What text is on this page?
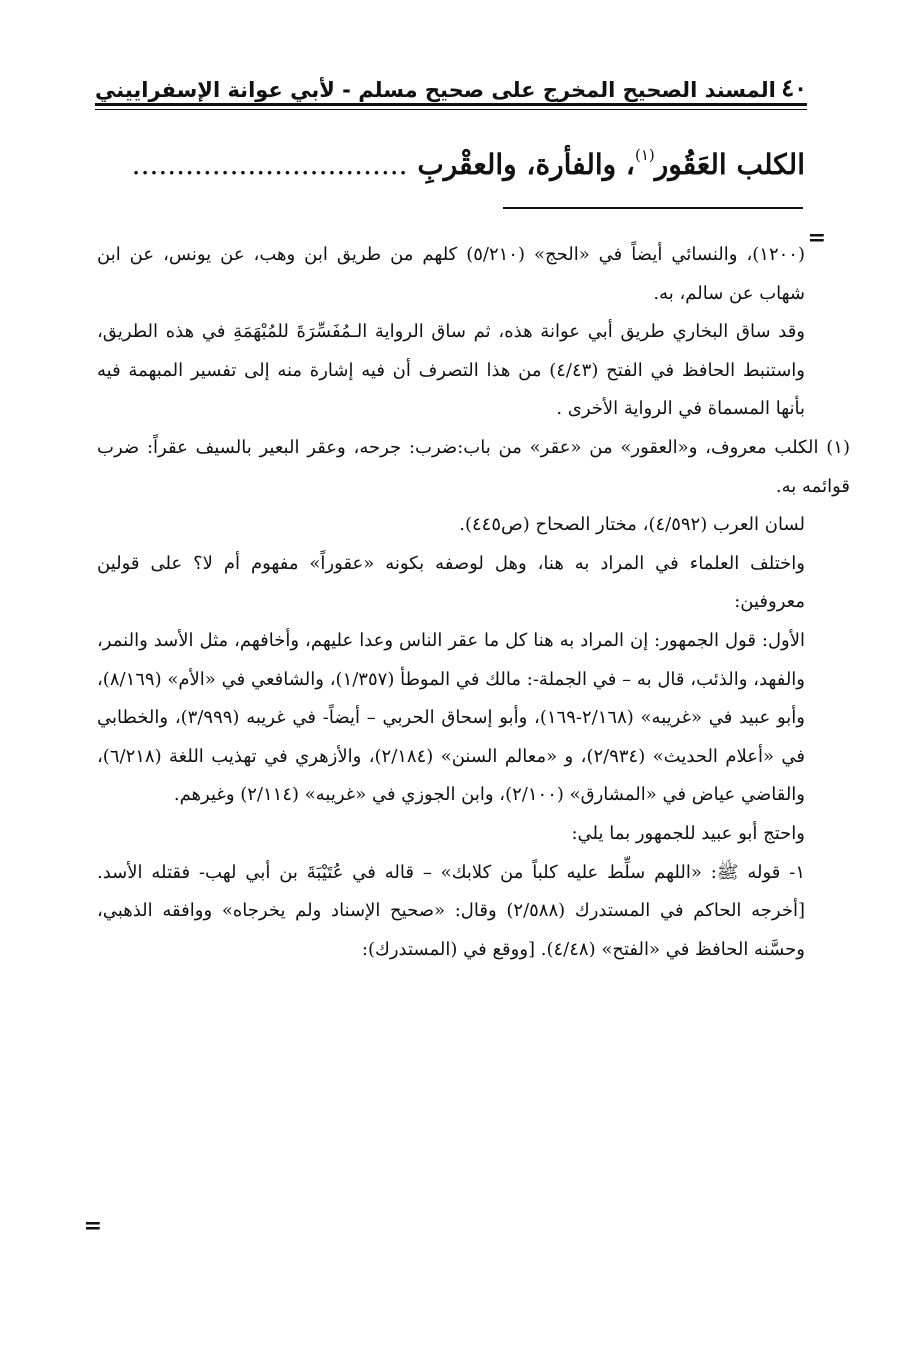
٤٠
المسند الصحيح المخرج على صحيح مسلم - لأبي عوانة الإسفراييني
الكلب العَقُور$^{(١)}$، والفأرة، والعقْربِ ...............................
=

(١٢٠٠)، والنسائي أيضاً في «الحج» (٥/٢١٠) كلهم من طريق ابن وهب، عن يونس، عن ابن شهاب عن سالم، به.

وقد ساق البخاري طريق أبي عوانة هذه، ثم ساق الرواية الـمُفَسِّرَةَ للمُبْهَمَةِ في هذه الطريق، واستنبط الحافظ في الفتح (٤/٤٣) من هذا التصرف أن فيه إشارة منه إلى تفسير المبهمة فيه بأنها المسماة في الرواية الأخرى .

(١) الكلب معروف، و«العقور» من «عقر» من باب:ضرب: جرحه، وعقر البعير بالسيف عقراً: ضرب قوائمه به.

لسان العرب (٤/٥٩٢)، مختار الصحاح (ص٤٤٥).

واختلف العلماء في المراد به هنا، وهل لوصفه بكونه «عقوراً» مفهوم أم لا؟ على قولين معروفين:

الأول: قول الجمهور: إن المراد به هنا كل ما عقر الناس وعدا عليهم، وأخافهم، مثل الأسد والنمر، والفهد، والذئب، قال به – في الجملة-: مالك في الموطأ (١/٣٥٧)، والشافعي في «الأم» (٨/١٦٩)، وأبو عبيد في «غريبه» (٢/١٦٨-١٦٩)، وأبو إسحاق الحربي – أيضاً- في غريبه (٣/٩٩٩)، والخطابي في «أعلام الحديث» (٢/٩٣٤)، و «معالم السنن» (٢/١٨٤)، والأزهري في تهذيب اللغة (٦/٢١٨)، والقاضي عياض في «المشارق» (٢/١٠٠)، وابن الجوزي في «غريبه» (٢/١١٤) وغيرهم.

واحتج أبو عبيد للجمهور بما يلي:

١- قوله ﷺ: «اللهم سلِّط عليه كلباً من كلابك» – قاله في عُتَيْبَةَ بن أبي لهب- فقتله الأسد. [أخرجه الحاكم في المستدرك (٢/٥٨٨) وقال: «صحيح الإسناد ولم يخرجاه» ووافقه الذهبي، وحسَّنه الحافظ في «الفتح» (٤/٤٨). [ووقع في (المستدرك):

=
